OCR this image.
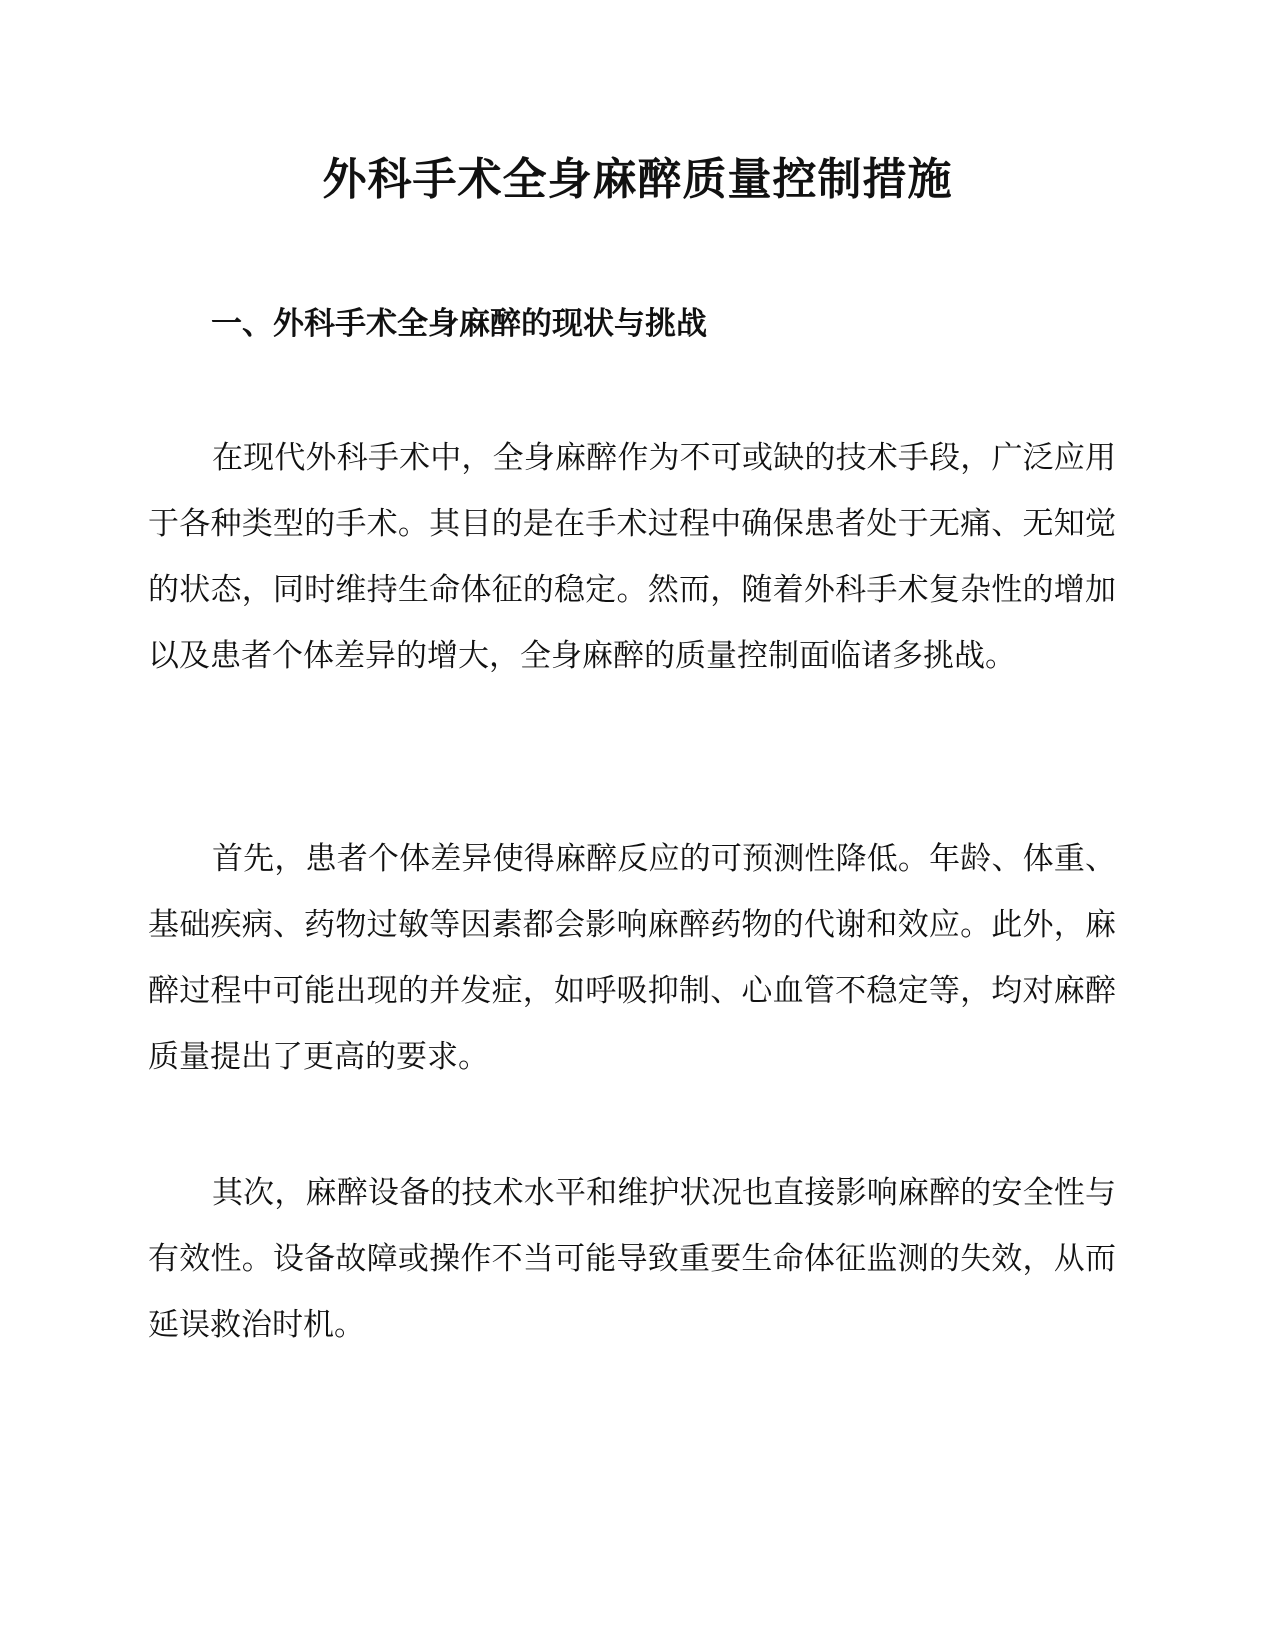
外科手术全身麻醉质量控制措施
一、外科手术全身麻醉的现状与挑战

在现代外科手术中，全身麻醉作为不可或缺的技术手段，广泛应用于各种类型的手术。其目的是在手术过程中确保患者处于无痛、无知觉的状态，同时维持生命体征的稳定。然而，随着外科手术复杂性的增加以及患者个体差异的增大，全身麻醉的质量控制面临诸多挑战。

首先，患者个体差异使得麻醉反应的可预测性降低。年龄、体重、基础疾病、药物过敏等因素都会影响麻醉药物的代谢和效应。此外，麻醉过程中可能出现的并发症，如呼吸抑制、心血管不稳定等，均对麻醉质量提出了更高的要求。

其次，麻醉设备的技术水平和维护状况也直接影响麻醉的安全性与有效性。设备故障或操作不当可能导致重要生命体征监测的失效，从而延误救治时机。
